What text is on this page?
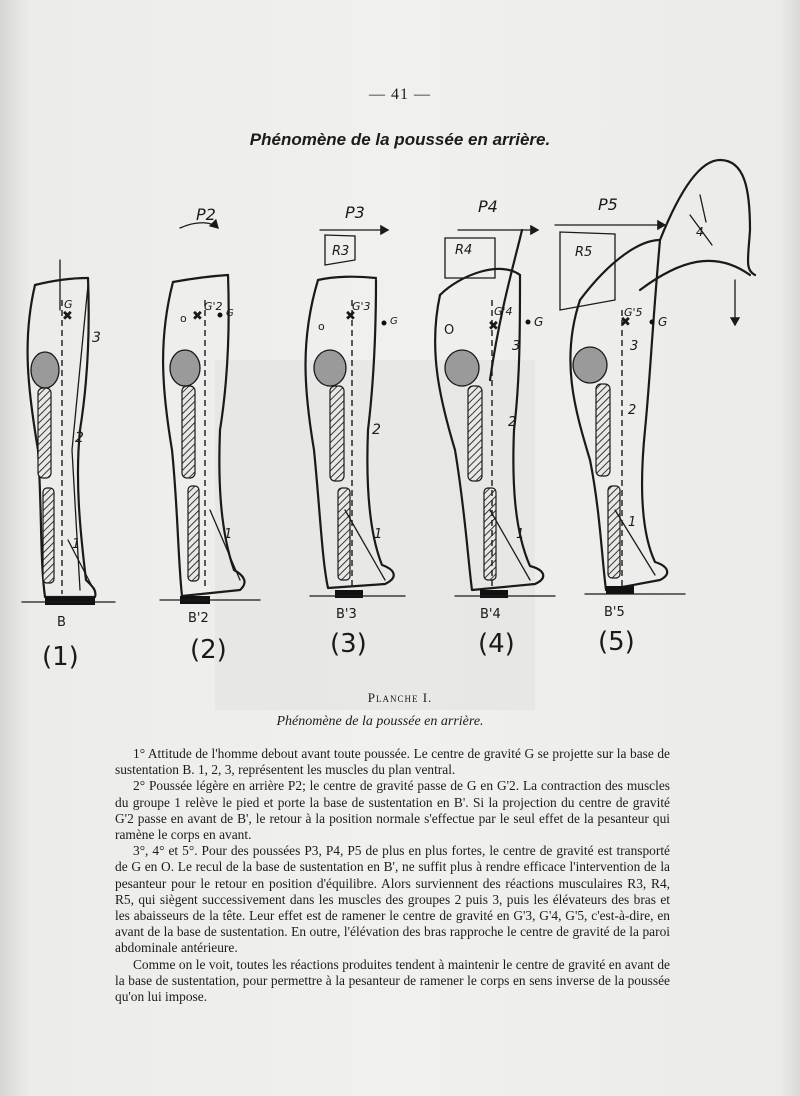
— 41 —
Phénomène de la poussée en arrière.
✖
G
3
2
1
B
(1)
P2
✖
G'2
o	G
1
B'2
(2)
P3
R3
✖
G'3
o	G
2
1
B'3
(3)
P4
R4
✖
G'4
O
G
3
2
1
B'4
(4)
P5
R5
✖
G'5
G
3
2
1
4
B'5
(5)
Planche I.
Phénomène de la poussée en arrière.

1° Attitude de l'homme debout avant toute poussée. Le centre de gravité G se projette sur la base de sustentation B. 1, 2, 3, représentent les muscles du plan ventral.

2° Poussée légère en arrière P2; le centre de gravité passe de G en G'2. La contraction des muscles du groupe 1 relève le pied et porte la base de sustentation en B'. Si la projection du centre de gravité G'2 passe en avant de B', le retour à la position normale s'effectue par le seul effet de la pesanteur qui ramène le corps en avant.

3°, 4° et 5°. Pour des poussées P3, P4, P5 de plus en plus fortes, le centre de gravité est transporté de G en O. Le recul de la base de sustentation en B', ne suffit plus à rendre efficace l'intervention de la pesanteur pour le retour en position d'équilibre. Alors surviennent des réactions musculaires R3, R4, R5, qui siègent successivement dans les muscles des groupes 2 puis 3, puis les élévateurs des bras et les abaisseurs de la tête. Leur effet est de ramener le centre de gravité en G'3, G'4, G'5, c'est-à-dire, en avant de la base de sustentation. En outre, l'élévation des bras rapproche le centre de gravité de la paroi abdominale antérieure.

Comme on le voit, toutes les réactions produites tendent à maintenir le centre de gravité en avant de la base de sustentation, pour permettre à la pesanteur de ramener le corps en sens inverse de la poussée qu'on lui impose.
